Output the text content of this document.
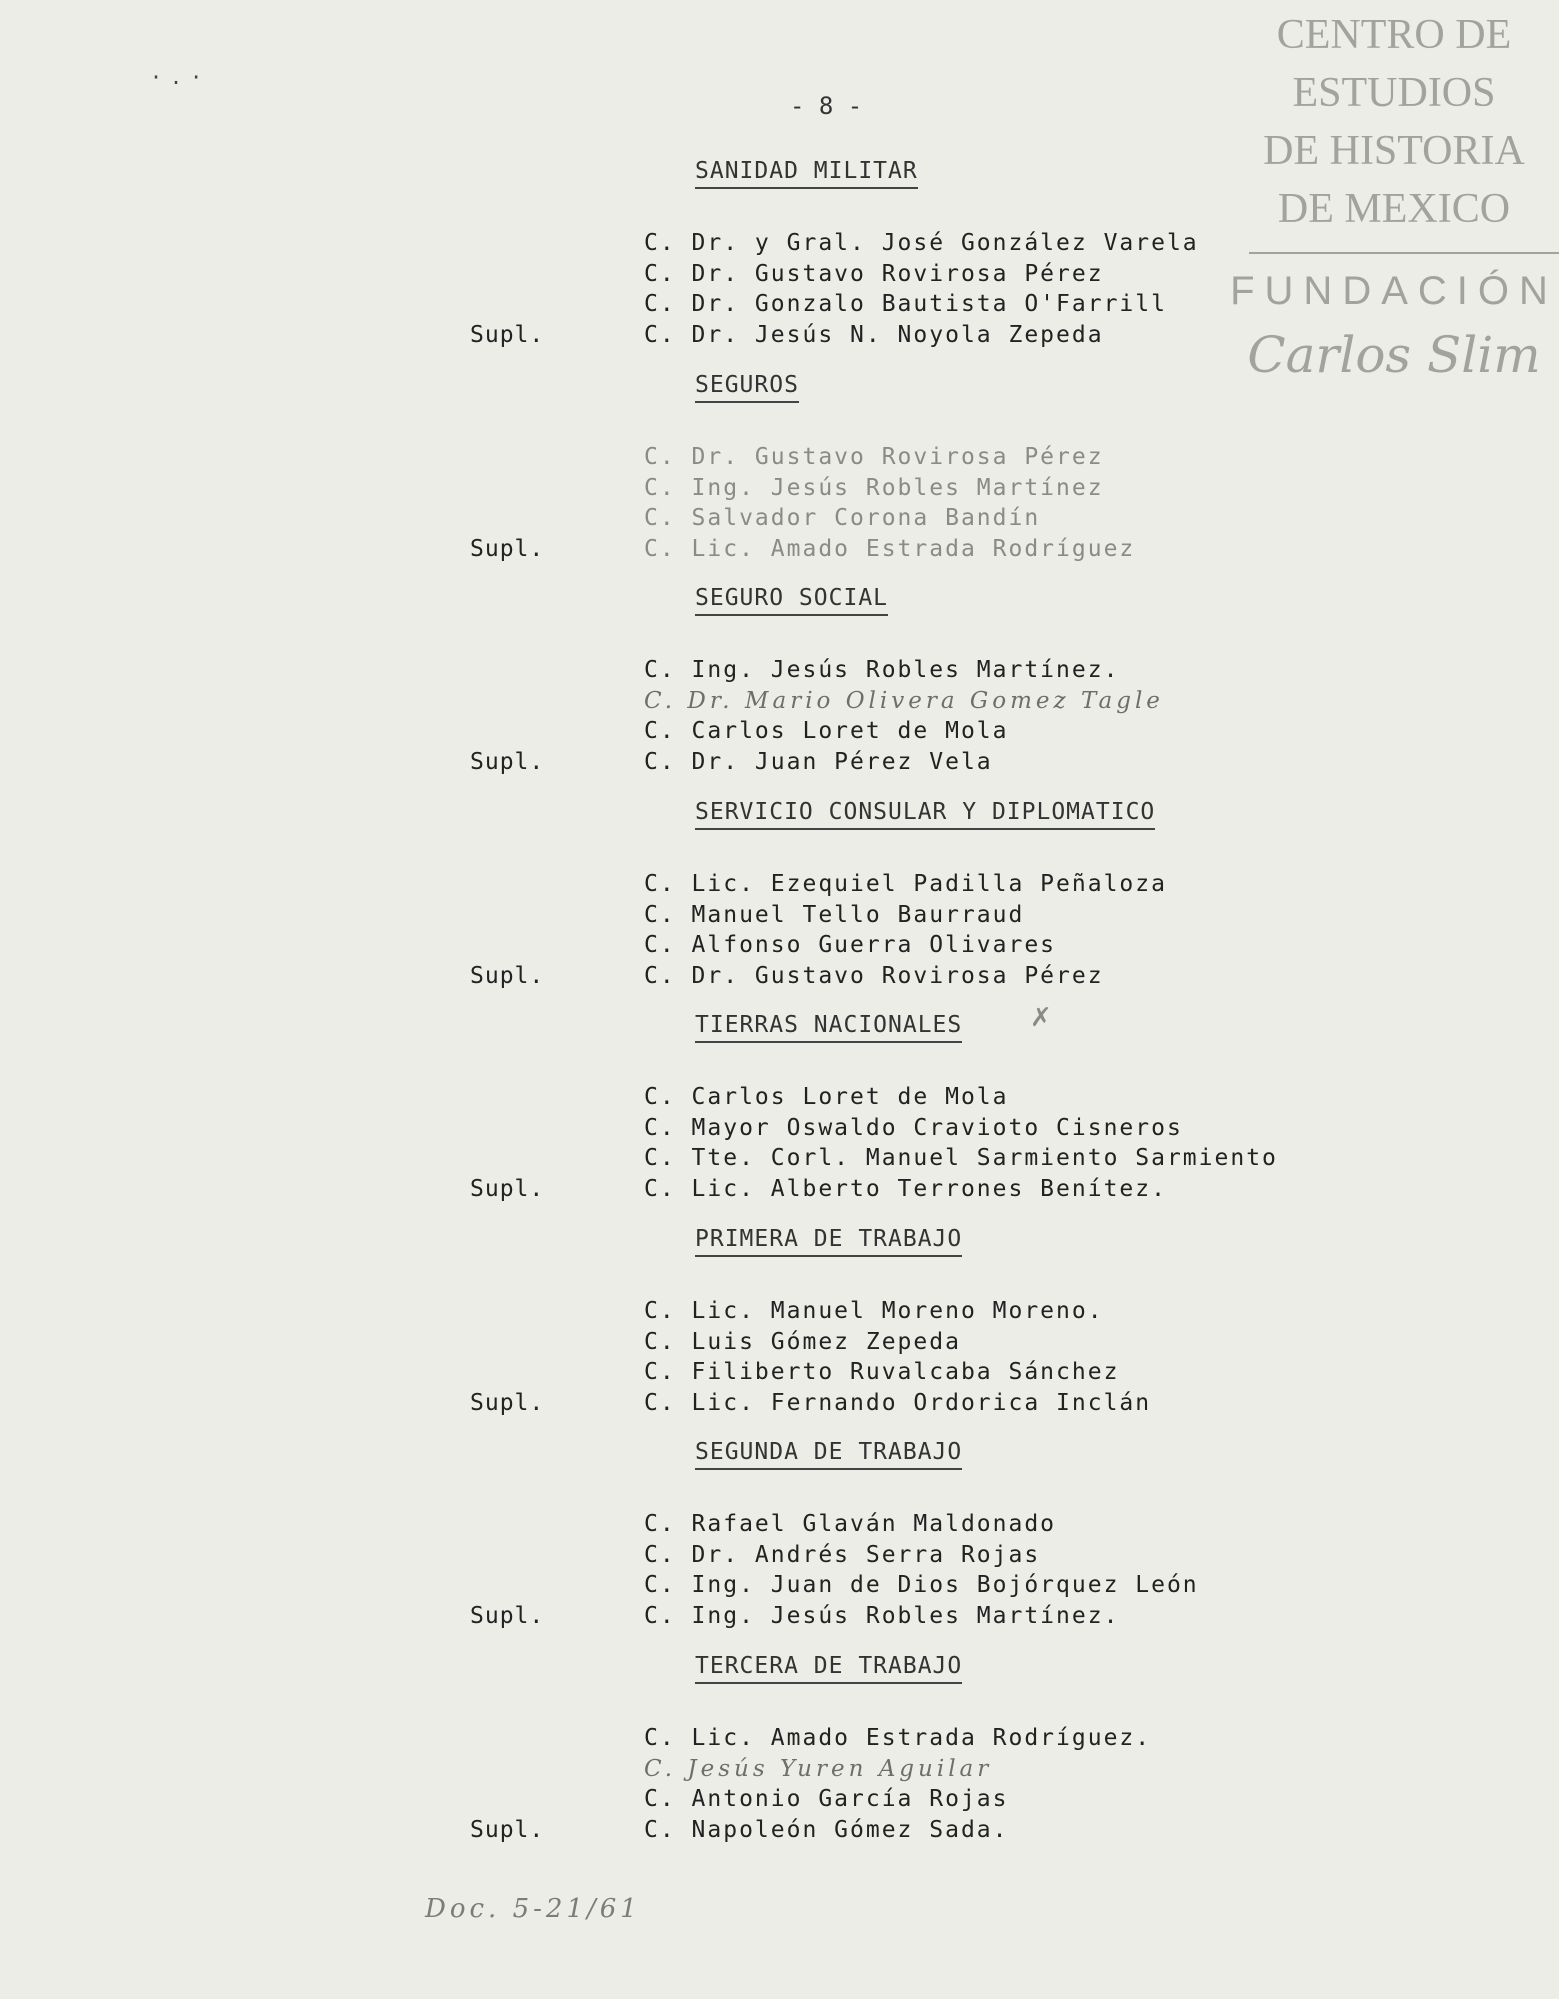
·.·
- 8 -
CENTRO DE
ESTUDIOS
DE HISTORIA
DE MEXICO
FUNDACIÓN
Carlos Slim
SANIDAD MILITAR
C. Dr. y Gral. José González Varela
C. Dr. Gustavo Rovirosa Pérez
C. Dr. Gonzalo Bautista O'Farrill
C. Dr. Jesús N. Noyola Zepeda
Supl.
SEGUROS
C. Dr. Gustavo Rovirosa Pérez
C. Ing. Jesús Robles Martínez
C. Salvador Corona Bandín
C. Lic. Amado Estrada Rodríguez
Supl.
SEGURO SOCIAL
C. Ing. Jesús Robles Martínez.
C. Dr. Mario Olivera Gomez Tagle
C. Carlos Loret de Mola
C. Dr. Juan Pérez Vela
Supl.
SERVICIO CONSULAR Y DIPLOMATICO
C. Lic. Ezequiel Padilla Peñaloza
C. Manuel Tello Baurraud
C. Alfonso Guerra Olivares
C. Dr. Gustavo Rovirosa Pérez
Supl.
TIERRAS NACIONALES
C. Carlos Loret de Mola
C. Mayor Oswaldo Cravioto Cisneros
C. Tte. Corl. Manuel Sarmiento Sarmiento
C. Lic. Alberto Terrones Benítez.
Supl.
PRIMERA DE TRABAJO
C. Lic. Manuel Moreno Moreno.
C. Luis Gómez Zepeda
C. Filiberto Ruvalcaba Sánchez
C. Lic. Fernando Ordorica Inclán
Supl.
SEGUNDA DE TRABAJO
C. Rafael Glaván Maldonado
C. Dr. Andrés Serra Rojas
C. Ing. Juan de Dios Bojórquez León
C. Ing. Jesús Robles Martínez.
Supl.
TERCERA DE TRABAJO
C. Lic. Amado Estrada Rodríguez.
C. Jesús Yuren Aguilar
C. Antonio García Rojas
C. Napoleón Gómez Sada.
Supl.
✗
Doc. 5-21/61
